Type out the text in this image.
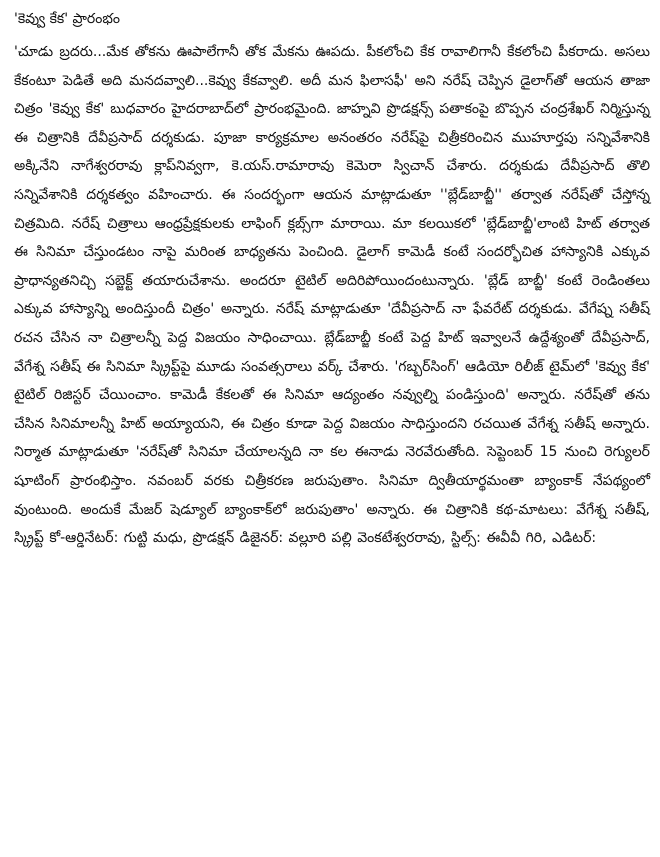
'కెవ్వు కేక' ప్రారంభం

'చూడు బ్రదరు...మేక తోకను ఊపాలేగానీ తోక మేకను ఊపదు. పీకలోంచి కేక రావాలిగానీ కేకలోంచి పీకరాదు. అసలు కేకంటూ పెడితే అది మనదవ్వాలి...కెవ్వు కేకవ్వాలి. అదీ మన ఫిలాసఫీ' అని నరేష్ చెప్పిన డైలాగ్‌తో ఆయన తాజా చిత్రం 'కెవ్వు కేక' బుధవారం హైదరాబాద్‌లో ప్రారంభమైంది. జాహ్నవి ప్రొడక్షన్స్ పతాకంపై బొప్పన చంద్రశేఖర్ నిర్మిస్తున్న ఈ చిత్రానికి దేవీప్రసాద్ దర్శకుడు. పూజా కార్యక్రమాల అనంతరం నరేష్‌పై చిత్రీకరించిన ముహూర్తపు సన్నివేశానికి అక్కినేని నాగేశ్వరరావు క్లాప్‌నివ్వగా, కె.యస్.రామారావు కెమెరా స్విచాన్ చేశారు. దర్శకుడు దేవీప్రసాద్ తొలి సన్నివేశానికి దర్శకత్వం వహించారు. ఈ సందర్భంగా ఆయన మాట్లాడుతూ ''బ్లేడ్‌బాబ్జీ'' తర్వాత నరేష్‌తో చేస్తోన్న చిత్రమిది. నరేష్ చిత్రాలు ఆంధ్రప్రేక్షకులకు లాఫింగ్ క్లబ్స్‌గా మారాయి. మా కలయికలో 'బ్లేడ్‌బాబ్జీ'లాంటి హిట్ తర్వాత ఈ సినిమా చేస్తుండటం నాపై మరింత బాధ్యతను పెంచింది. డైలాగ్ కామెడీ కంటే సందర్భోచిత హాస్యానికి ఎక్కువ ప్రాధాన్యతనిచ్చి సబ్జెక్ట్ తయారుచేశాను. అందరూ టైటిల్ అదిరిపోయిందంటున్నారు. 'బ్లేడ్ బాబ్జీ' కంటే రెండింతలు ఎక్కువ హాస్యాన్ని అందిస్తుందీ చిత్రం' అన్నారు. నరేష్ మాట్లాడుతూ 'దేవీప్రసాద్ నా ఫేవరేట్ దర్శకుడు. వేగేష్న సతీష్ రచన చేసిన నా చిత్రాలన్నీ పెద్ద విజయం సాధించాయి. బ్లేడ్‌బాబ్జీ కంటే పెద్ద హిట్ ఇవ్వాలనే ఉద్దేశ్యంతో దేవీప్రసాద్, వేగేశ్న సతీష్ ఈ సినిమా స్క్రిప్ట్‌పై మూడు సంవత్సరాలు వర్క్ చేశారు. 'గబ్బర్‌సింగ్' ఆడియో రిలీజ్ టైమ్‌లో 'కెవ్వు కేక' టైటిల్ రిజిస్టర్ చేయించాం. కామెడీ కేకలతో ఈ సినిమా ఆద్యంతం నవ్వుల్ని పండిస్తుంది' అన్నారు. నరేష్‌తో తను చేసిన సినిమాలన్నీ హిట్ అయ్యాయని, ఈ చిత్రం కూడా పెద్ద విజయం సాధిస్తుందని రచయిత వేగేశ్న సతీష్ అన్నారు. నిర్మాత మాట్లాడుతూ 'నరేష్‌తో సినిమా చేయాలన్నది నా కల ఈనాడు నెరవేరుతోంది. సెప్టెంబర్ 15 నుంచి రెగ్యులర్ షూటింగ్ ప్రారంభిస్తాం. నవంబర్ వరకు చిత్రీకరణ జరుపుతాం. సినిమా ద్వితీయార్థమంతా బ్యాంకాక్ నేపథ్యంలో వుంటుంది. అందుకే మేజర్ షెడ్యూల్ బ్యాంకాక్‌లో జరుపుతాం' అన్నారు. ఈ చిత్రానికి కథ-మాటలు: వేగేశ్న సతీష్, స్క్రిప్ట్ కో-ఆర్డినేటర్: గుట్టి మధు, ప్రొడక్షన్ డిజైనర్: వల్లూరి పల్లి వెంకటేశ్వరరావు, స్టిల్స్: ఈవీవీ గిరి, ఎడిటర్:
